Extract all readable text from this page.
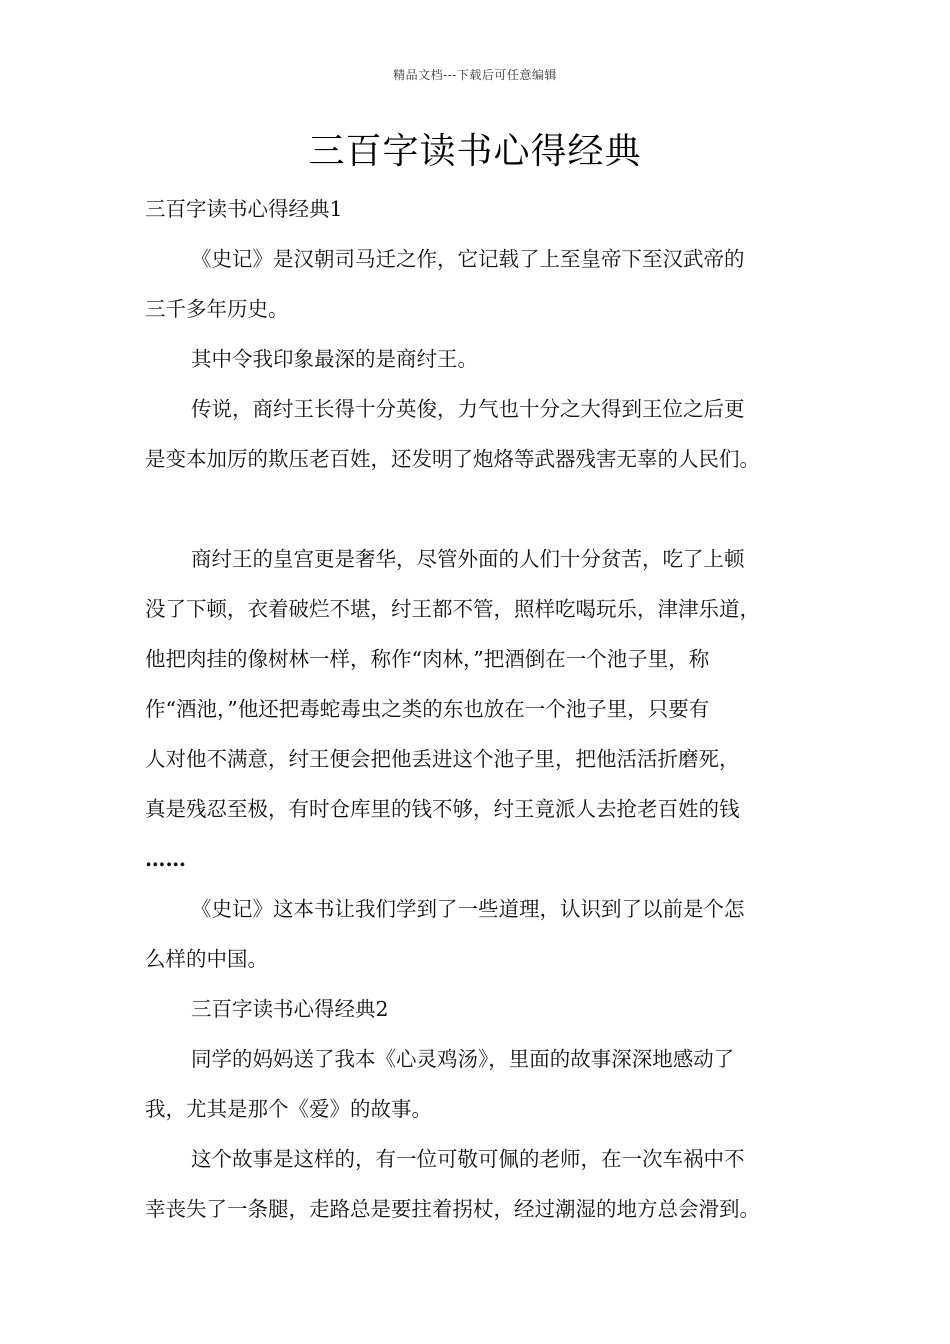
精品文档---下载后可任意编辑
三百字读书心得经典
三百字读书心得经典1
《史记》是汉朝司马迁之作，它记载了上至皇帝下至汉武帝的
三千多年历史。
其中令我印象最深的是商纣王。
传说，商纣王长得十分英俊，力气也十分之大得到王位之后更
是变本加厉的欺压老百姓，还发明了炮烙等武器残害无辜的人民们。
商纣王的皇宫更是奢华，尽管外面的人们十分贫苦，吃了上顿
没了下顿，衣着破烂不堪，纣王都不管，照样吃喝玩乐，津津乐道，
他把肉挂的像树林一样，称作“肉林，”把酒倒在一个池子里，称
作“酒池，”他还把毒蛇毒虫之类的东也放在一个池子里，只要有
人对他不满意，纣王便会把他丢进这个池子里，把他活活折磨死，
真是残忍至极，有时仓库里的钱不够，纣王竟派人去抢老百姓的钱
……
《史记》这本书让我们学到了一些道理，认识到了以前是个怎
么样的中国。
三百字读书心得经典2
同学的妈妈送了我本《心灵鸡汤》，里面的故事深深地感动了
我，尤其是那个《爱》的故事。
这个故事是这样的，有一位可敬可佩的老师，在一次车祸中不
幸丧失了一条腿，走路总是要拄着拐杖，经过潮湿的地方总会滑到。
